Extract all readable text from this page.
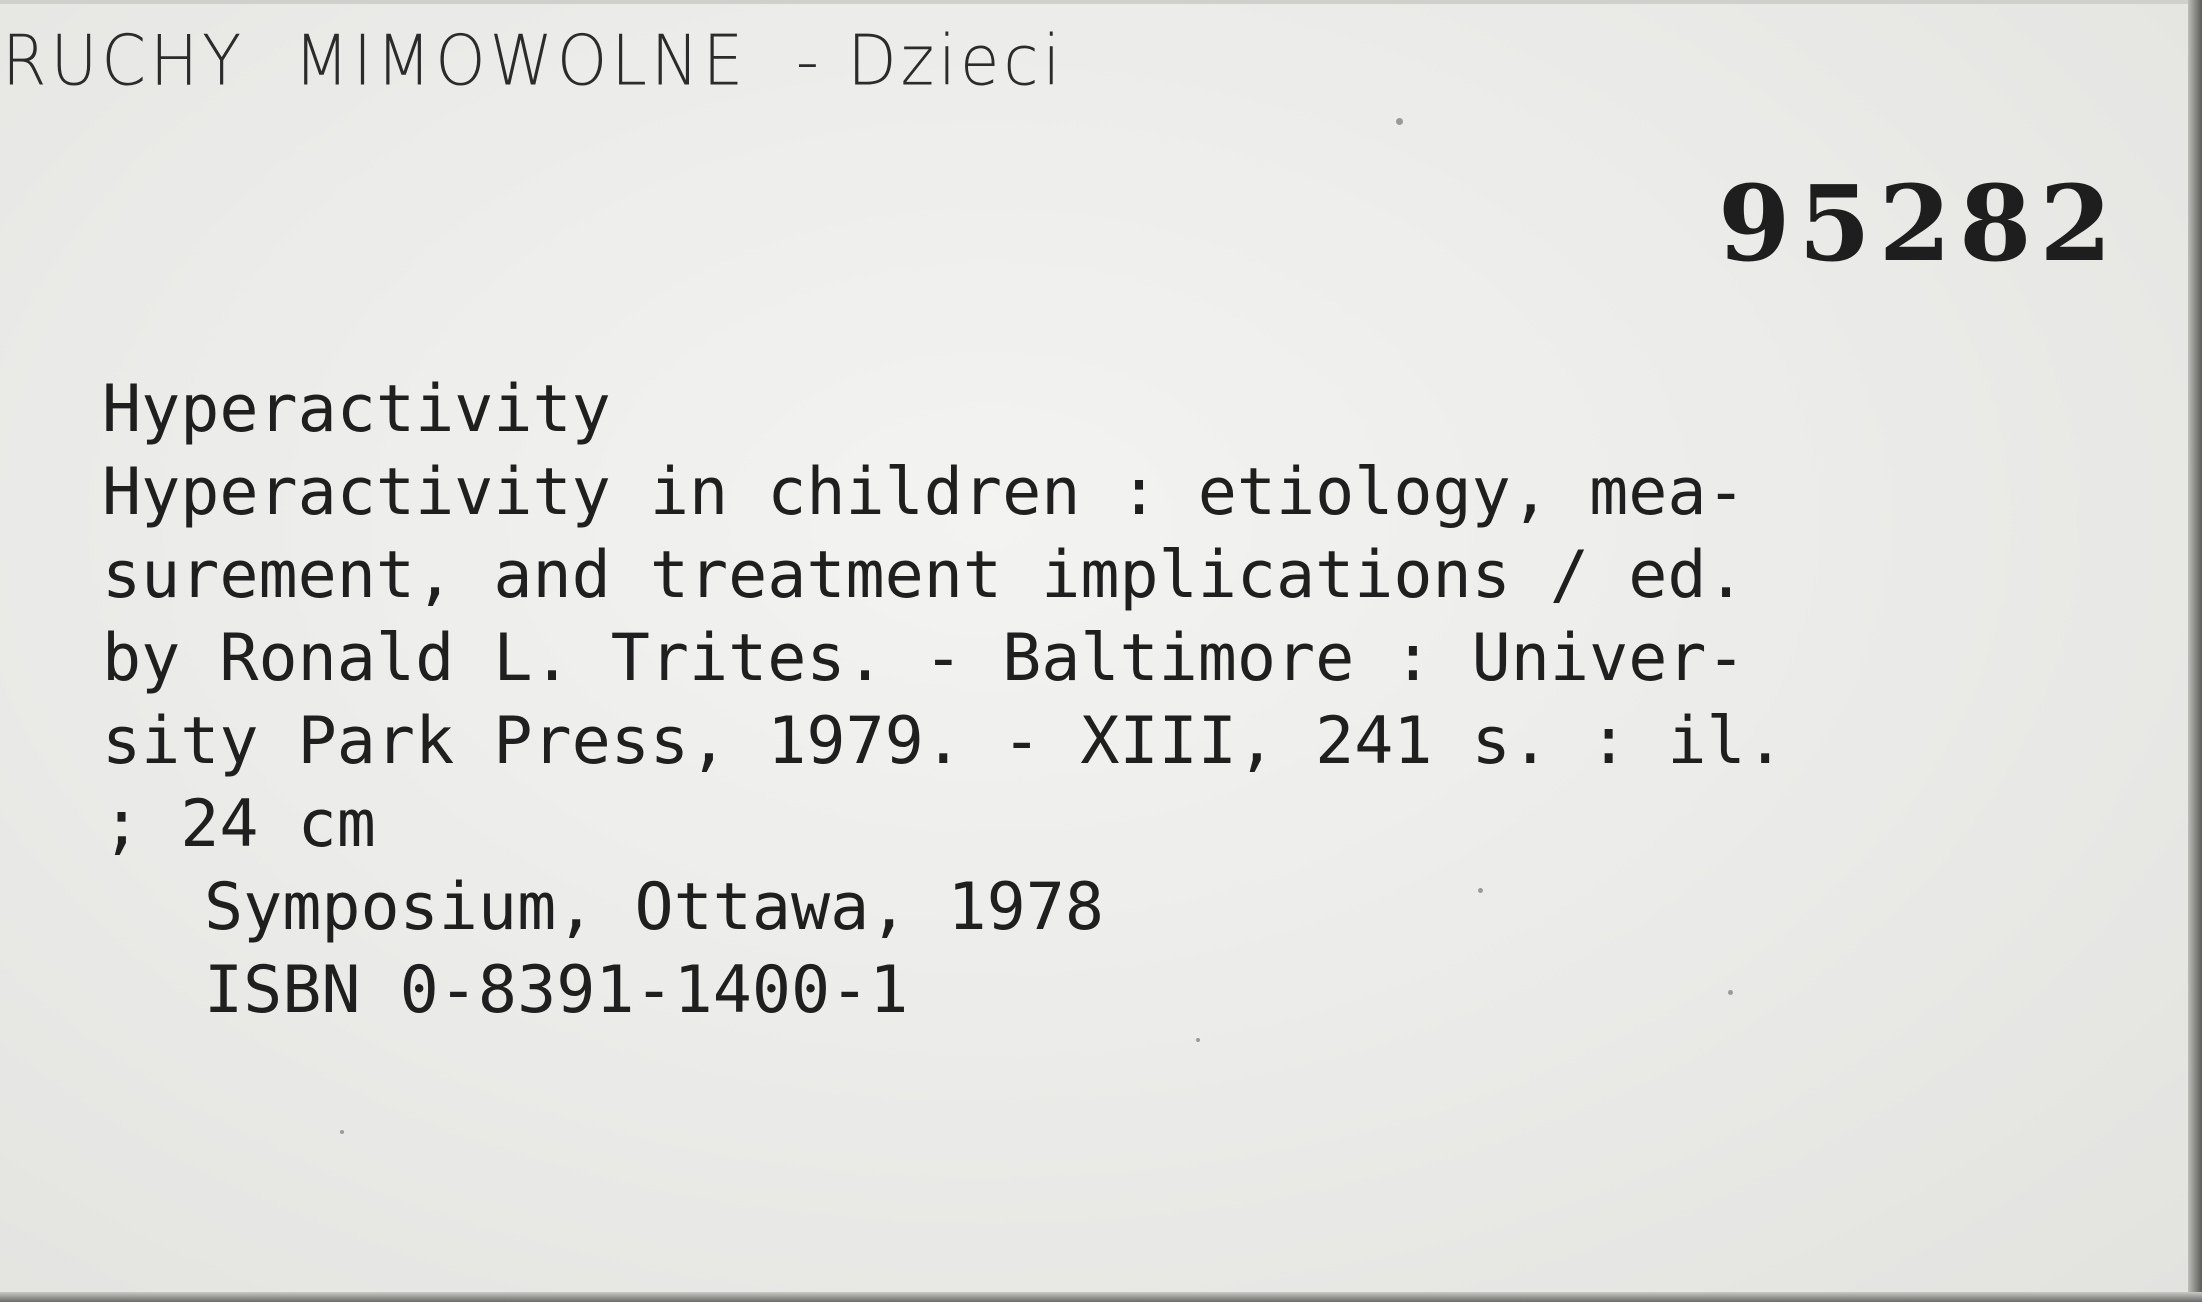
RUCHY  MIMOWOLNE  - Dzieci
95282
Hyperactivity
Hyperactivity in children : etiology, mea-
surement, and treatment implications / ed.
by Ronald L. Trites. - Baltimore : Univer-
sity Park Press, 1979. - XIII, 241 s. : il.
; 24 cm
Symposium, Ottawa, 1978
ISBN 0-8391-1400-1
